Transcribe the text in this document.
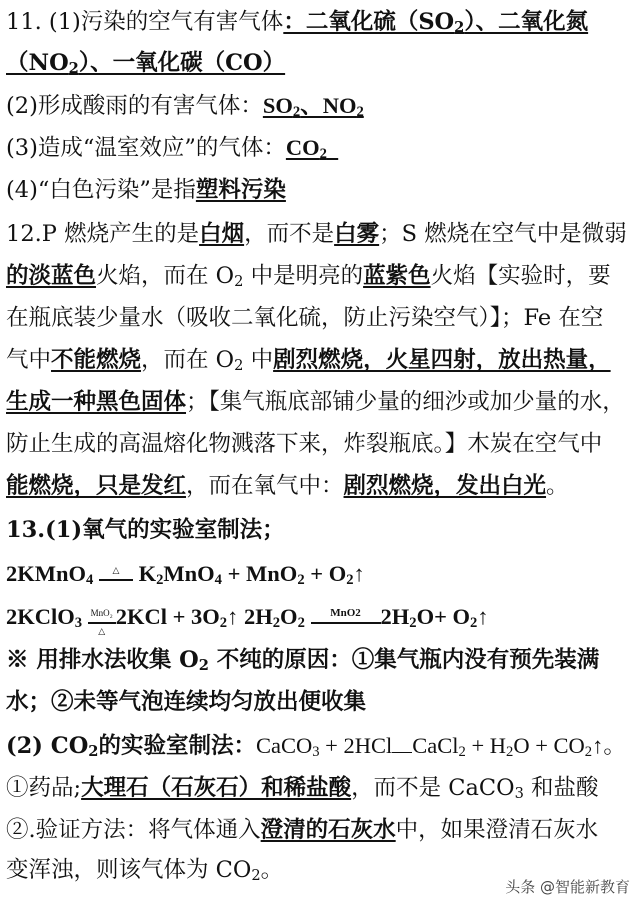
11. (1)污染的空气有害气体：二氧化硫$(SO_2)$、二氧化氮
$(NO_2)$、一氧化碳（CO）
(2)形成酸雨的有害气体：$SO_2$、$NO_2$
(3)造成“温室效应”的气体：$CO_2$
(4)“白色污染”是指塑料污染
12.P 燃烧产生的是白烟，而不是白雾；S 燃烧在空气中是微弱
的淡蓝色火焰，而在 $O_2$ 中是明亮的蓝紫色火焰【实验时，要
在瓶底装少量水（吸收二氧化硫，防止污染空气）】；Fe 在空
气中不能燃烧，而在 $O_2$ 中剧烈燃烧，火星四射，放出热量，
生成一种黑色固体；【集气瓶底部铺少量的细沙或加少量的水，
防止生成的高温熔化物溅落下来，炸裂瓶底。】木炭在空气中
能燃烧，只是发红，而在氧气中：剧烈燃烧，发出白光。
13.(1)氧气的实验室制法；
2KMnO$_4$
△ $K_2MnO_4 + MnO_2$ + $O_2↑$
2KClO$_3$
MnO₂
△
$2KCl + 3O_2↑$ $2H_2O_2$
MnO2 $2H_2O+$ $O_2↑$
※ 用排水法收集 $O_2$ 不纯的原因：①集气瓶内没有预先装满
水；②未等气泡连续均匀放出便收集
(2) $CO_2$的实验室制法：CaCO$_3$ + 2HCl CaCl$_2$ + $H_2O$ + $CO_2↑$。
①药品;大理石（石灰石）和稀盐酸，而不是 CaCO$_3$ 和盐酸
②.验证方法：将气体通入澄清的石灰水中，如果澄清石灰水
变浑浊，则该气体为 $CO_2$。
头条 @智能新教育
